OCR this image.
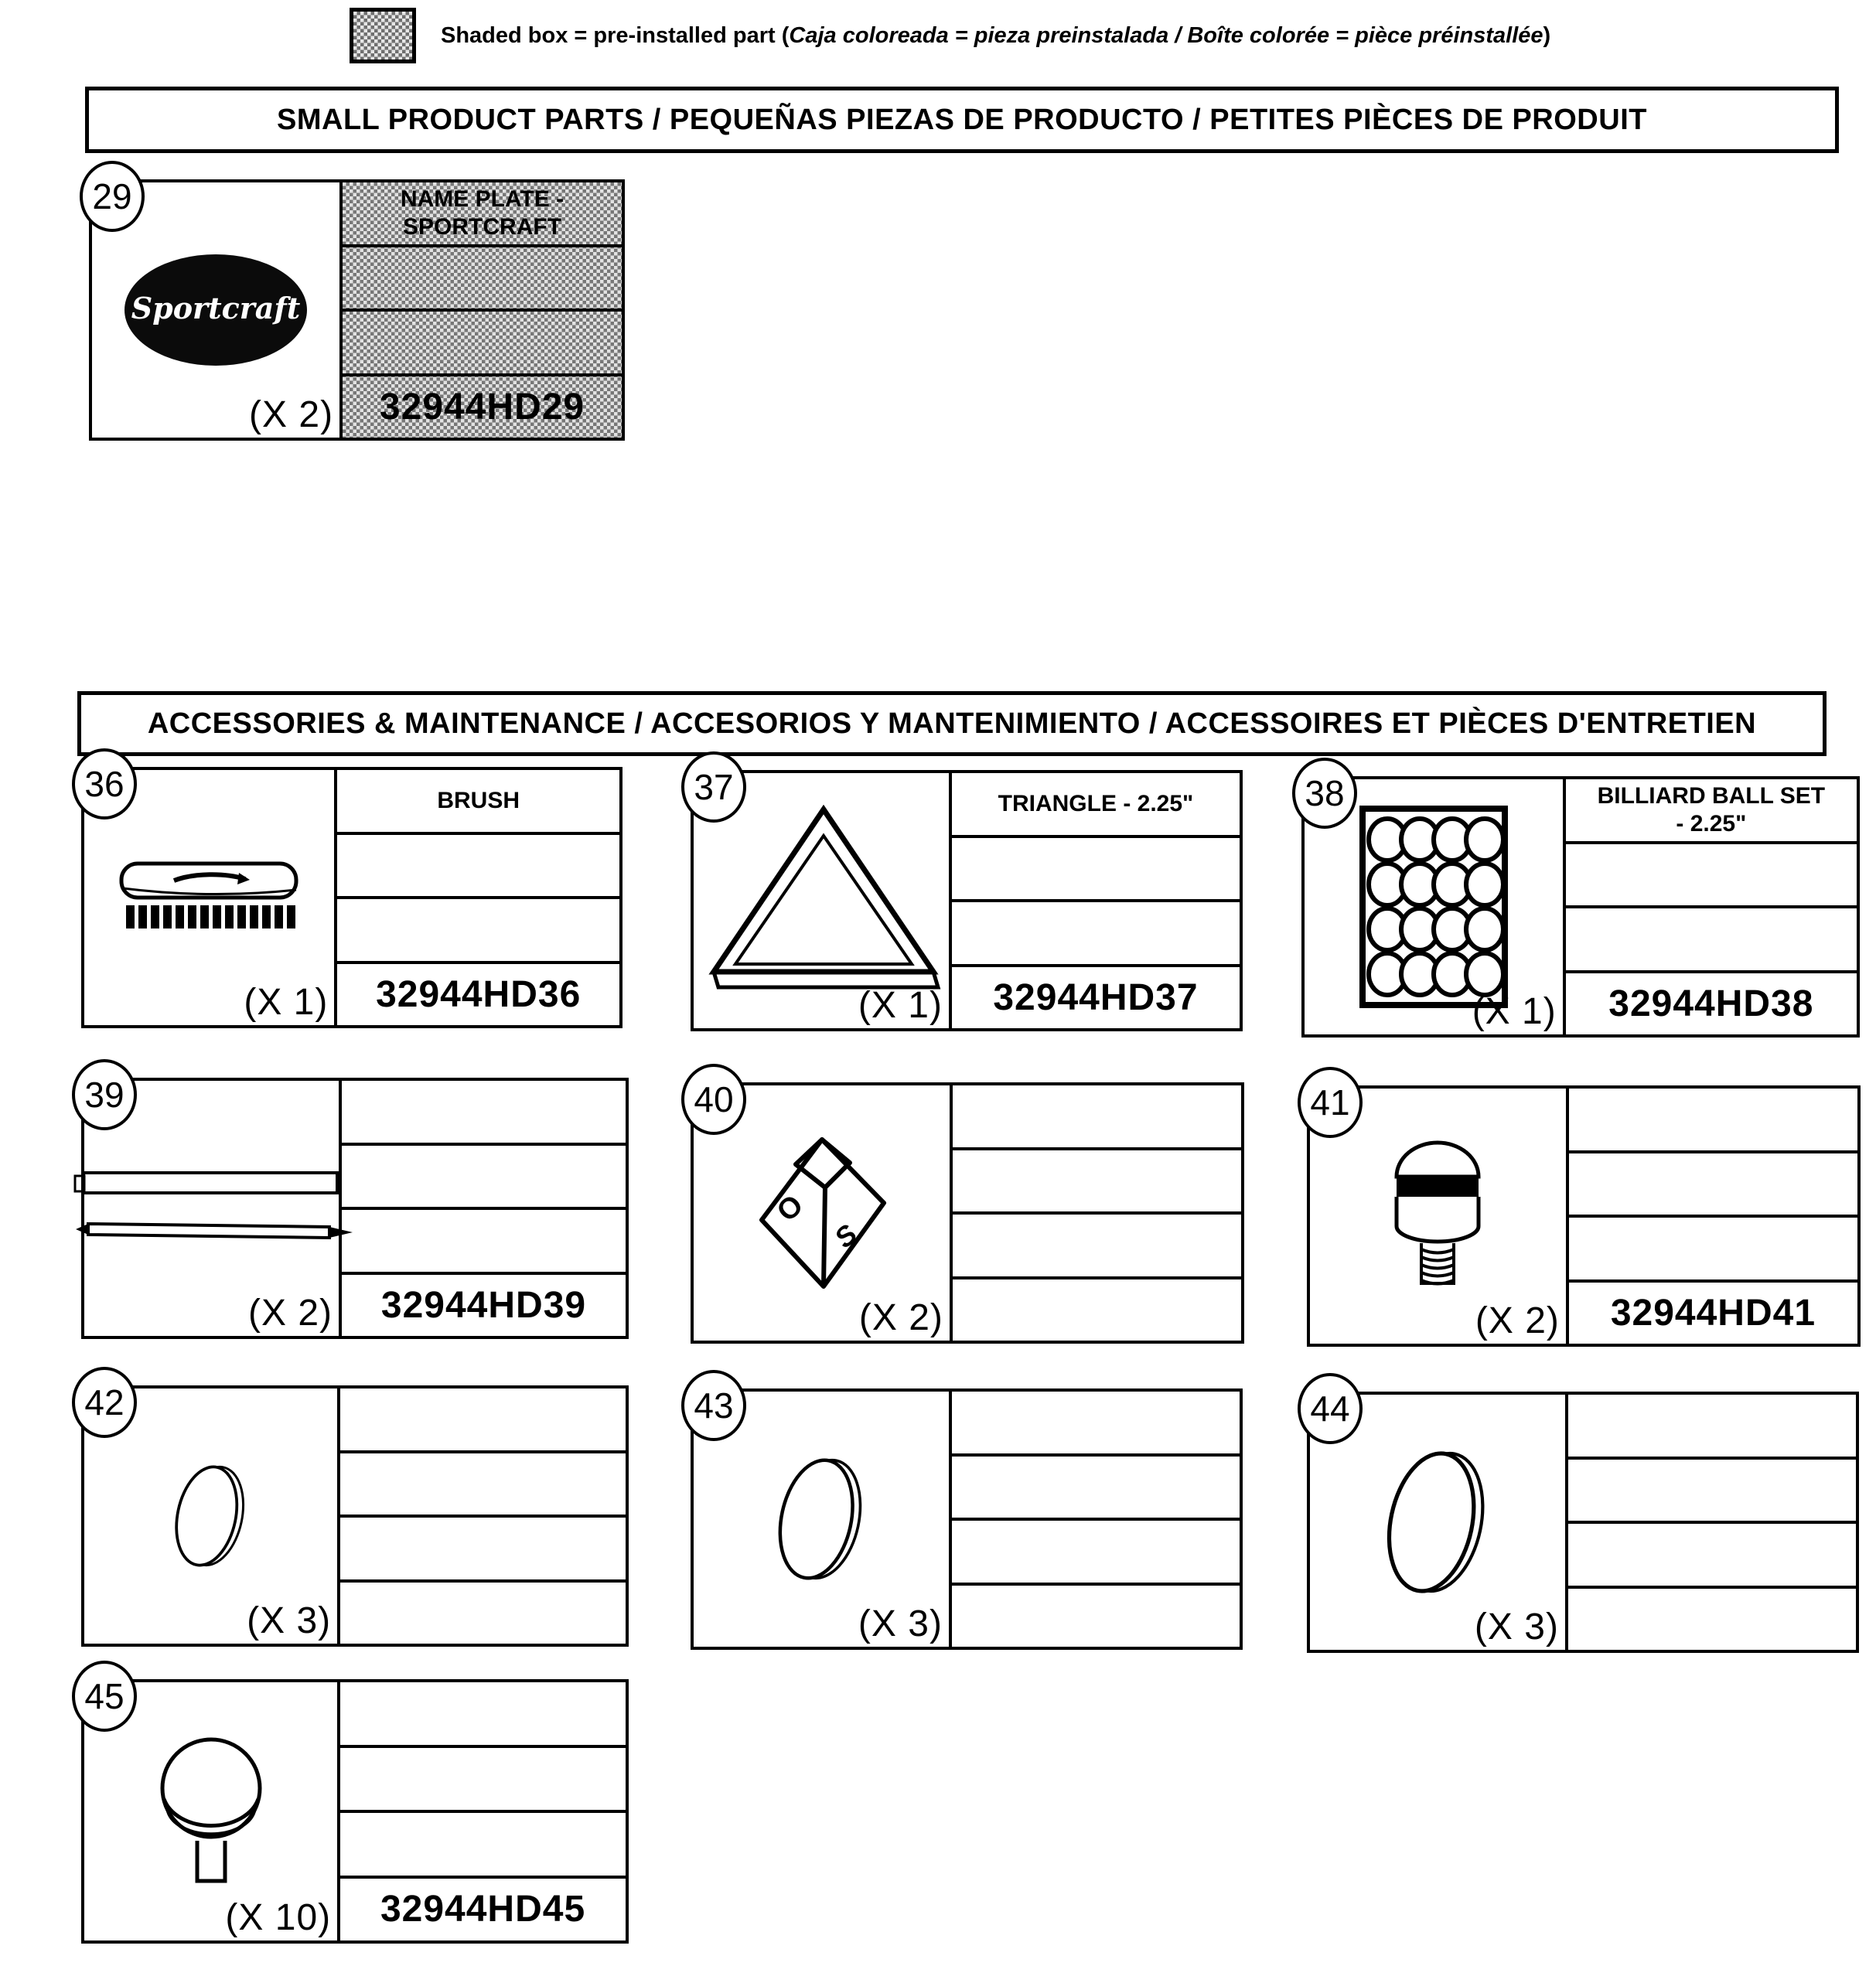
Shaded box = pre-installed part (Caja coloreada = pieza preinstalada / Boîte colorée = pièce préinstallée)
SMALL PRODUCT PARTS / PEQUEÑAS PIEZAS DE PRODUCTO / PETITES PIÈCES DE PRODUIT
ACCESSORIES & MAINTENANCE / ACCESORIOS Y MANTENIMIENTO / ACCESSOIRES ET PIÈCES D'ENTRETIEN
29
Sportcraft
(X 2)
NAME PLATE -
SPORTCRAFT
32944HD29
36
(X 1)
BRUSH
32944HD36
37
(X 1)
TRIANGLE - 2.25"
32944HD37
38
(X 1)
BILLIARD BALL SET
- 2.25"
32944HD38
39
(X 2)	32944HD39
40
O
S
(X 2)
41
(X 2)	32944HD41
42
(X 3)
43
(X 3)
44
(X 3)
45
(X 10)	32944HD45
